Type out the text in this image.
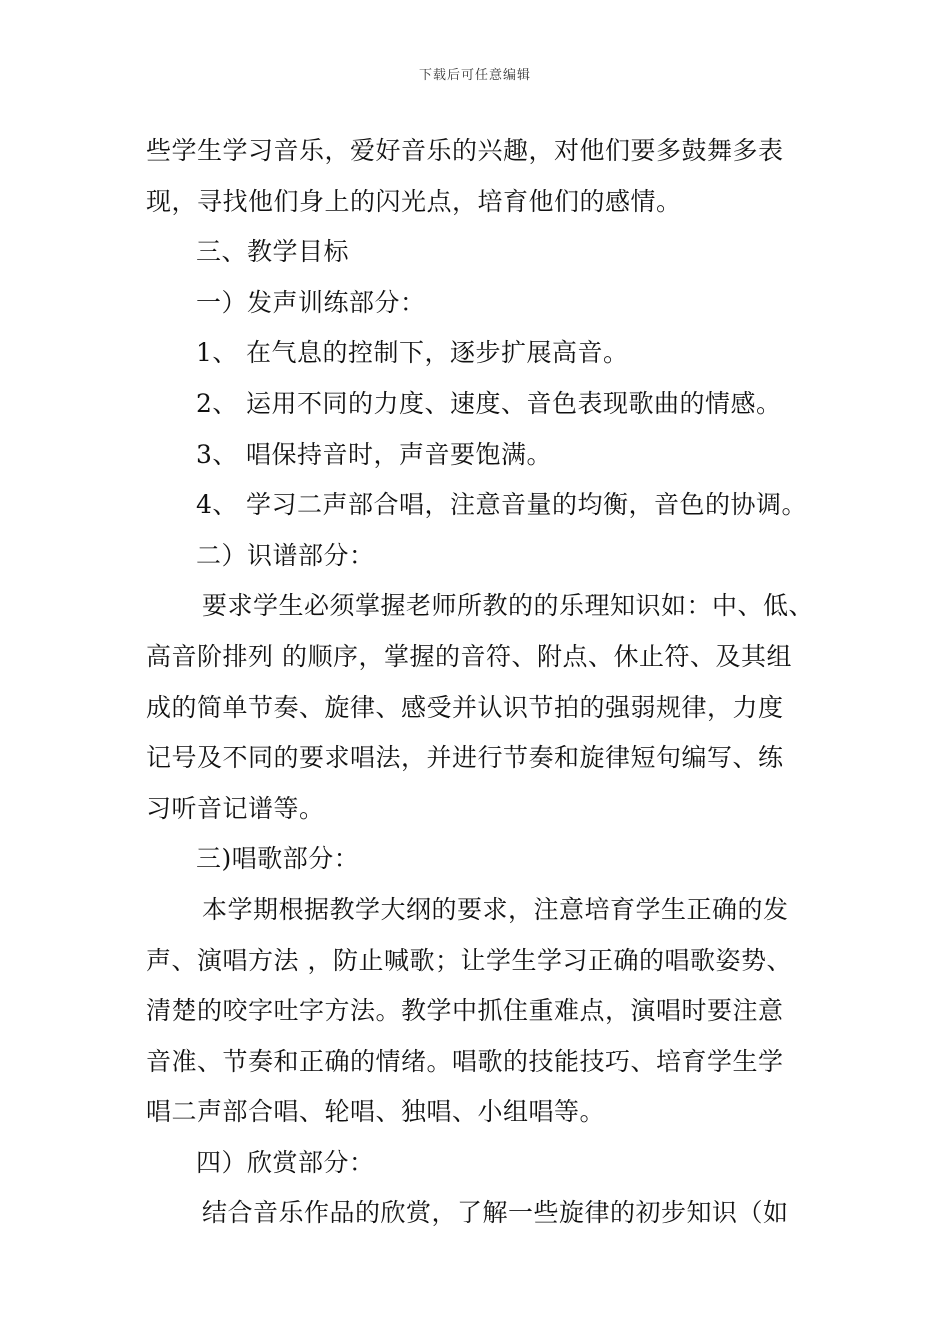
下载后可任意编辑
些学生学习音乐，爱好音乐的兴趣，对他们要多鼓舞多表
现，寻找他们身上的闪光点，培育他们的感情。
三、教学目标
一）发声训练部分：
1、 在气息的控制下，逐步扩展高音。
2、 运用不同的力度、速度、音色表现歌曲的情感。
3、 唱保持音时，声音要饱满。
4、 学习二声部合唱，注意音量的均衡，音色的协调。
二）识谱部分：
要求学生必须掌握老师所教的的乐理知识如：中、低、
高音阶排列 的顺序，掌握的音符、附点、休止符、及其组
成的简单节奏、旋律、感受并认识节拍的强弱规律，力度
记号及不同的要求唱法，并进行节奏和旋律短句编写、练
习听音记谱等。
三)唱歌部分：
本学期根据教学大纲的要求，注意培育学生正确的发
声、演唱方法 ，防止喊歌；让学生学习正确的唱歌姿势、
清楚的咬字吐字方法。教学中抓住重难点，演唱时要注意
音准、节奏和正确的情绪。唱歌的技能技巧、培育学生学
唱二声部合唱、轮唱、独唱、小组唱等。
四）欣赏部分：
结合音乐作品的欣赏，了解一些旋律的初步知识（如
